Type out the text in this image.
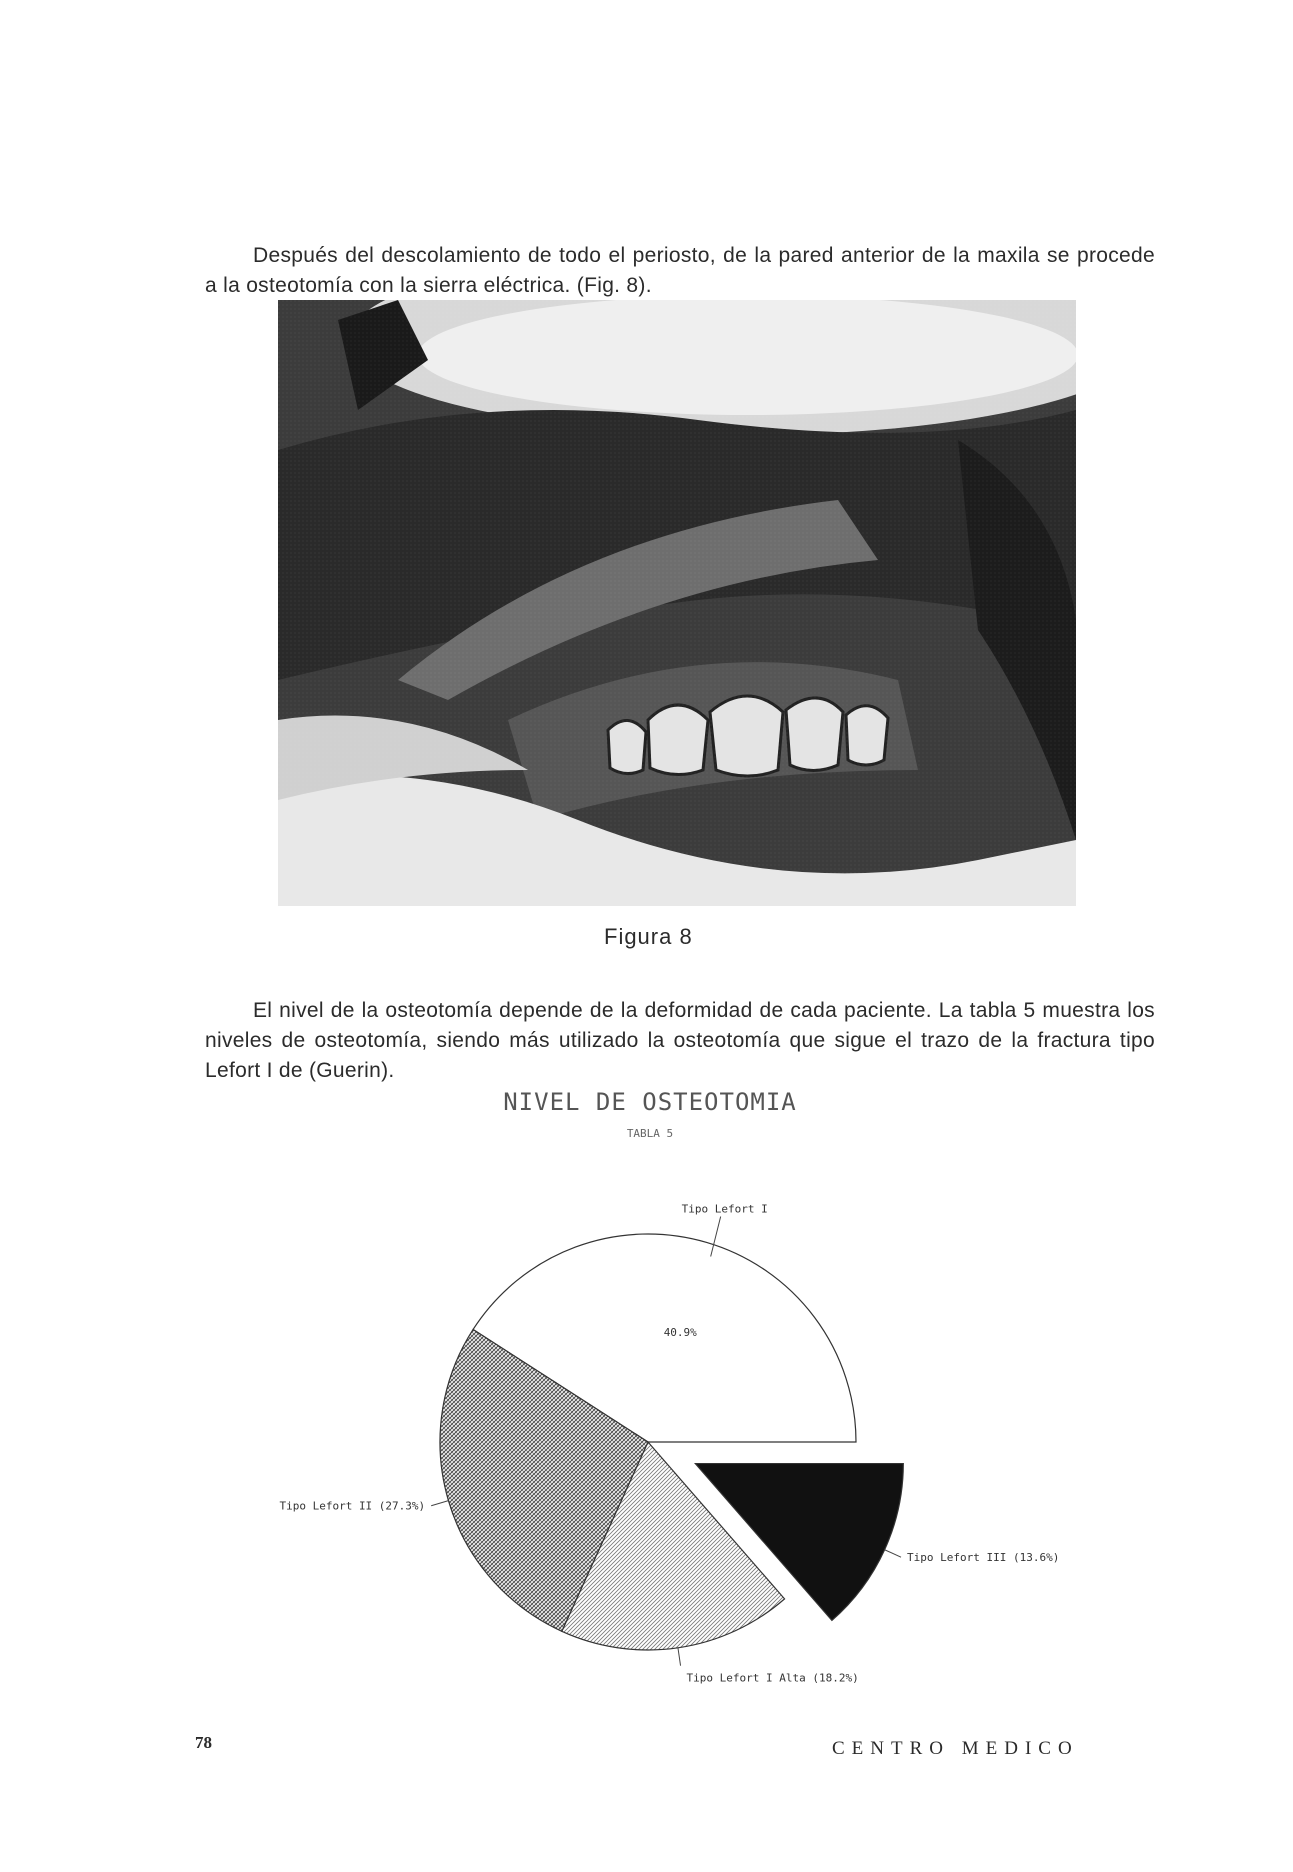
Después del descolamiento de todo el periosto, de la pared anterior de la maxila se procede a la osteotomía con la sierra eléctrica. (Fig. 8).

Figura 8

El nivel de la osteotomía depende de la deformidad de cada paciente. La tabla 5 muestra los niveles de osteotomía, siendo más utilizado la osteotomía que sigue el trazo de la fractura tipo Lefort I de (Guerin).

NIVEL DE OSTEOTOMIA
TABLA 5
Tipo Lefort I
40.9%
Tipo Lefort III (13.6%)
Tipo Lefort I Alta (18.2%)
Tipo Lefort II (27.3%)
78	CENTRO MEDICO
